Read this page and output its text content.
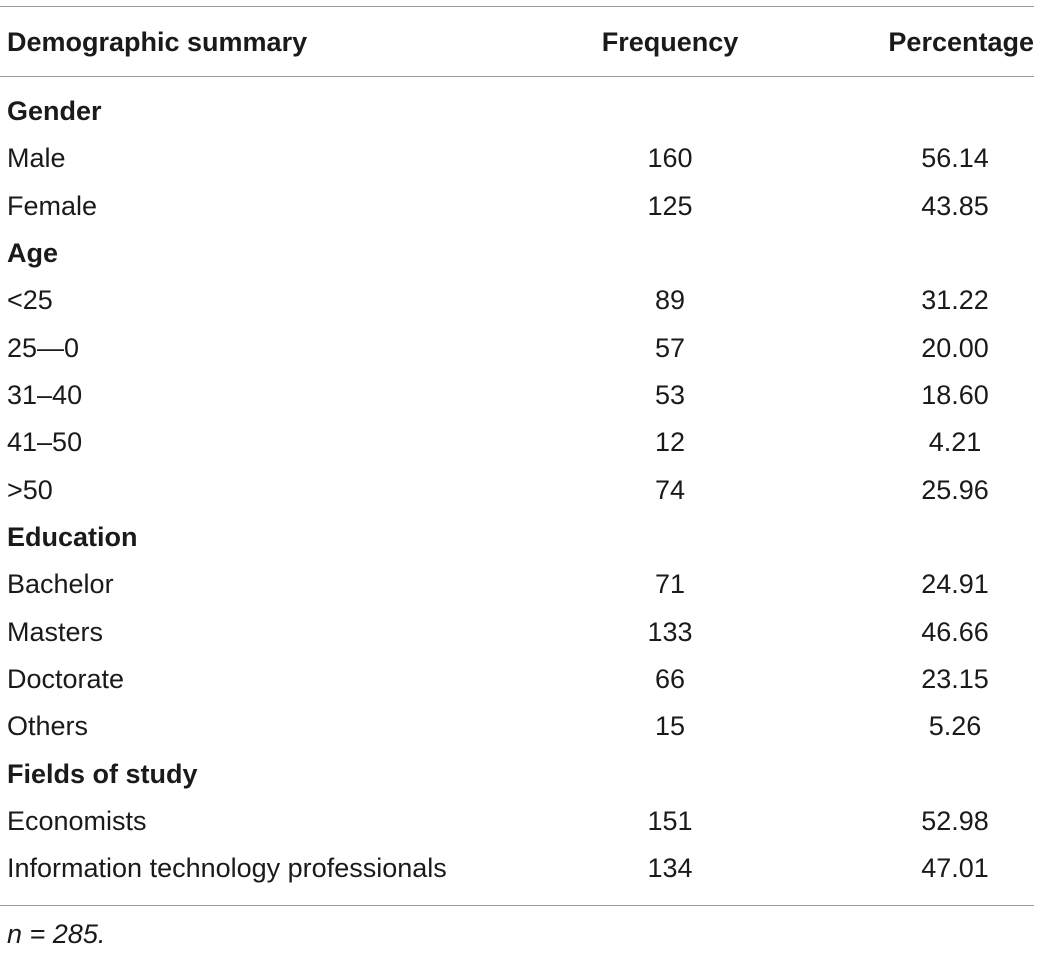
Demographic summary	Frequency	Percentage
Gender
Male	160	56.14
Female	125	43.85
Age
<25	89	31.22
25—0	57	20.00
31–40	53	18.60
41–50	12	4.21
>50	74	25.96
Education
Bachelor	71	24.91
Masters	133	46.66
Doctorate	66	23.15
Others	15	5.26
Fields of study
Economists	151	52.98
Information technology professionals	134	47.01
n = 285.
